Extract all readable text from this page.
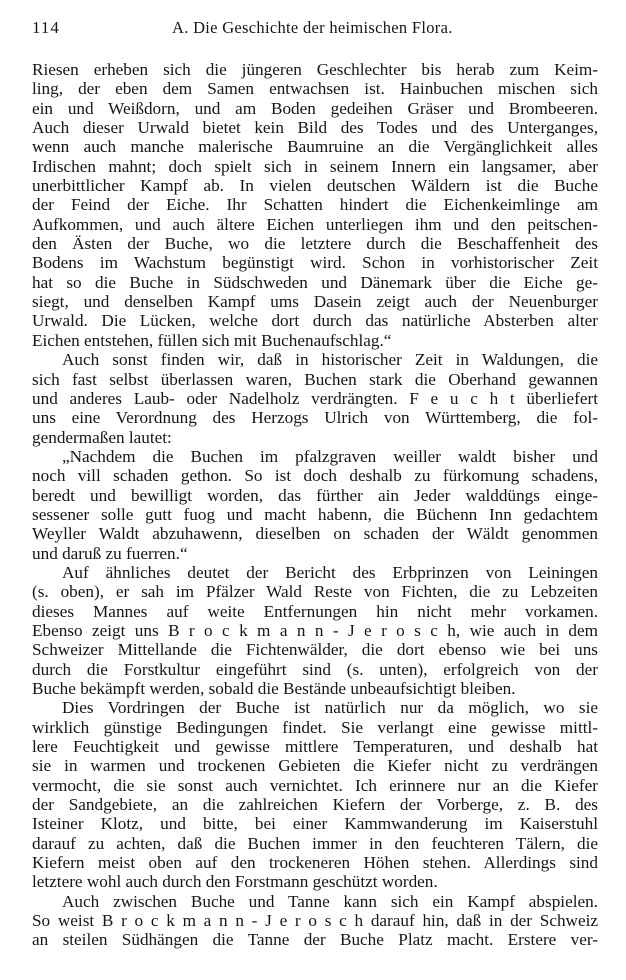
114	A. Die Geschichte der heimischen Flora.
Riesen erheben sich die jüngeren Geschlechter bis herab zum Keim-
ling, der eben dem Samen entwachsen ist. Hainbuchen mischen sich
ein und Weißdorn, und am Boden gedeihen Gräser und Brombeeren.
Auch dieser Urwald bietet kein Bild des Todes und des Unterganges,
wenn auch manche malerische Baumruine an die Vergänglichkeit alles
Irdischen mahnt; doch spielt sich in seinem Innern ein langsamer, aber
unerbittlicher Kampf ab. In vielen deutschen Wäldern ist die Buche
der Feind der Eiche. Ihr Schatten hindert die Eichenkeimlinge am
Aufkommen, und auch ältere Eichen unterliegen ihm und den peitschen-
den Ästen der Buche, wo die letztere durch die Beschaffenheit des
Bodens im Wachstum begünstigt wird. Schon in vorhistorischer Zeit
hat so die Buche in Südschweden und Dänemark über die Eiche ge-
siegt, und denselben Kampf ums Dasein zeigt auch der Neuenburger
Urwald. Die Lücken, welche dort durch das natürliche Absterben alter
Eichen entstehen, füllen sich mit Buchenaufschlag.“
Auch sonst finden wir, daß in historischer Zeit in Waldungen, die
sich fast selbst überlassen waren, Buchen stark die Oberhand gewannen
und anderes Laub- oder Nadelholz verdrängten. F e u c h t überliefert
uns eine Verordnung des Herzogs Ulrich von Württemberg, die fol-
gendermaßen lautet:
„Nachdem die Buchen im pfalzgraven weiller waldt bisher und
noch vill schaden gethon. So ist doch deshalb zu fürkomung schadens,
beredt und bewilligt worden, das fürther ain Jeder walddüngs einge-
sessener solle gutt fuog und macht habenn, die Büchenn Inn gedachtem
Weyller Waldt abzuhawenn, dieselben on schaden der Wäldt genommen
und daruß zu fuerren.“
Auf ähnliches deutet der Bericht des Erbprinzen von Leiningen
(s. oben), er sah im Pfälzer Wald Reste von Fichten, die zu Lebzeiten
dieses Mannes auf weite Entfernungen hin nicht mehr vorkamen.
Ebenso zeigt uns B r o c k m a n n - J e r o s c h, wie auch in dem
Schweizer Mittellande die Fichtenwälder, die dort ebenso wie bei uns
durch die Forstkultur eingeführt sind (s. unten), erfolgreich von der
Buche bekämpft werden, sobald die Bestände unbeaufsichtigt bleiben.
Dies Vordringen der Buche ist natürlich nur da möglich, wo sie
wirklich günstige Bedingungen findet. Sie verlangt eine gewisse mittl-
lere Feuchtigkeit und gewisse mittlere Temperaturen, und deshalb hat
sie in warmen und trockenen Gebieten die Kiefer nicht zu verdrängen
vermocht, die sie sonst auch vernichtet. Ich erinnere nur an die Kiefer
der Sandgebiete, an die zahlreichen Kiefern der Vorberge, z. B. des
Isteiner Klotz, und bitte, bei einer Kammwanderung im Kaiserstuhl
darauf zu achten, daß die Buchen immer in den feuchteren Tälern, die
Kiefern meist oben auf den trockeneren Höhen stehen. Allerdings sind
letztere wohl auch durch den Forstmann geschützt worden.
Auch zwischen Buche und Tanne kann sich ein Kampf abspielen.
So weist B r o c k m a n n - J e r o s c h darauf hin, daß in der Schweiz
an steilen Südhängen die Tanne der Buche Platz macht. Erstere ver-
